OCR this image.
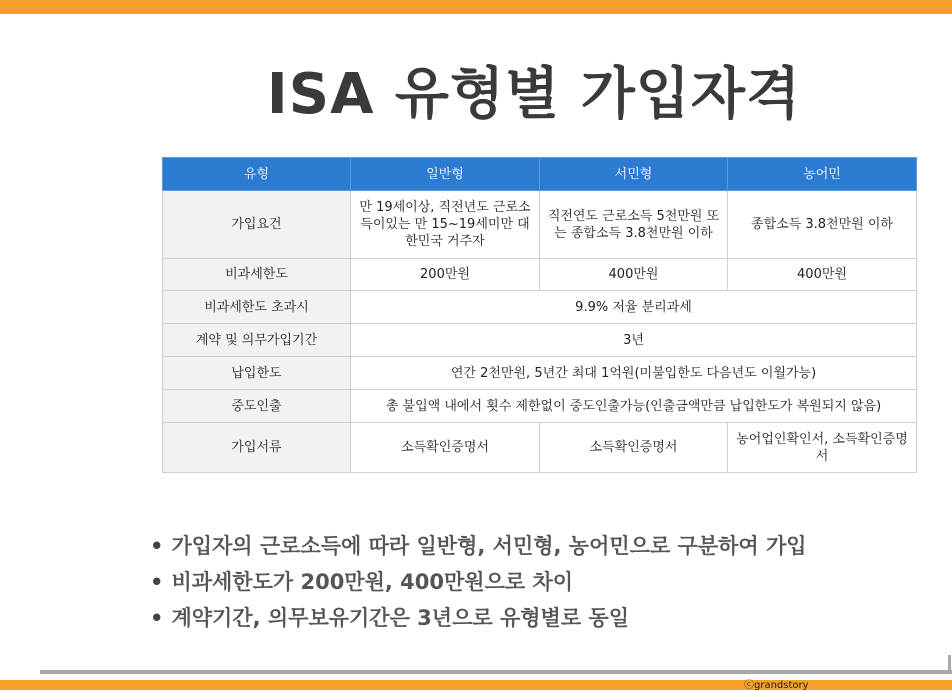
ISA 유형별 가입자격
유형	일반형	서민형	농어민
가입요건	만 19세이상, 직전년도 근로소득이있는 만 15~19세미만 대한민국 거주자	직전연도 근로소득 5천만원 또는 종합소득 3.8천만원 이하	종합소득 3.8천만원 이하
비과세한도	200만원	400만원	400만원
비과세한도 초과시	9.9% 저율 분리과세		
계약 및 의무가입기간	3년		
납입한도	연간 2천만원, 5년간 최대 1억원(미불입한도 다음년도 이월가능)		
중도인출	총 불입액 내에서 횟수 제한없이 중도인출가능(인출금액만큼 납입한도가 복원되지 않음)		
가입서류	소득확인증명서	소득확인증명서	농어업인확인서, 소득확인증명서
• 가입자의 근로소득에 따라 일반형, 서민형, 농어민으로 구분하여 가입
• 비과세한도가 200만원, 400만원으로 차이
• 계약기간, 의무보유기간은 3년으로 유형별로 동일
ⓒgrandstory
